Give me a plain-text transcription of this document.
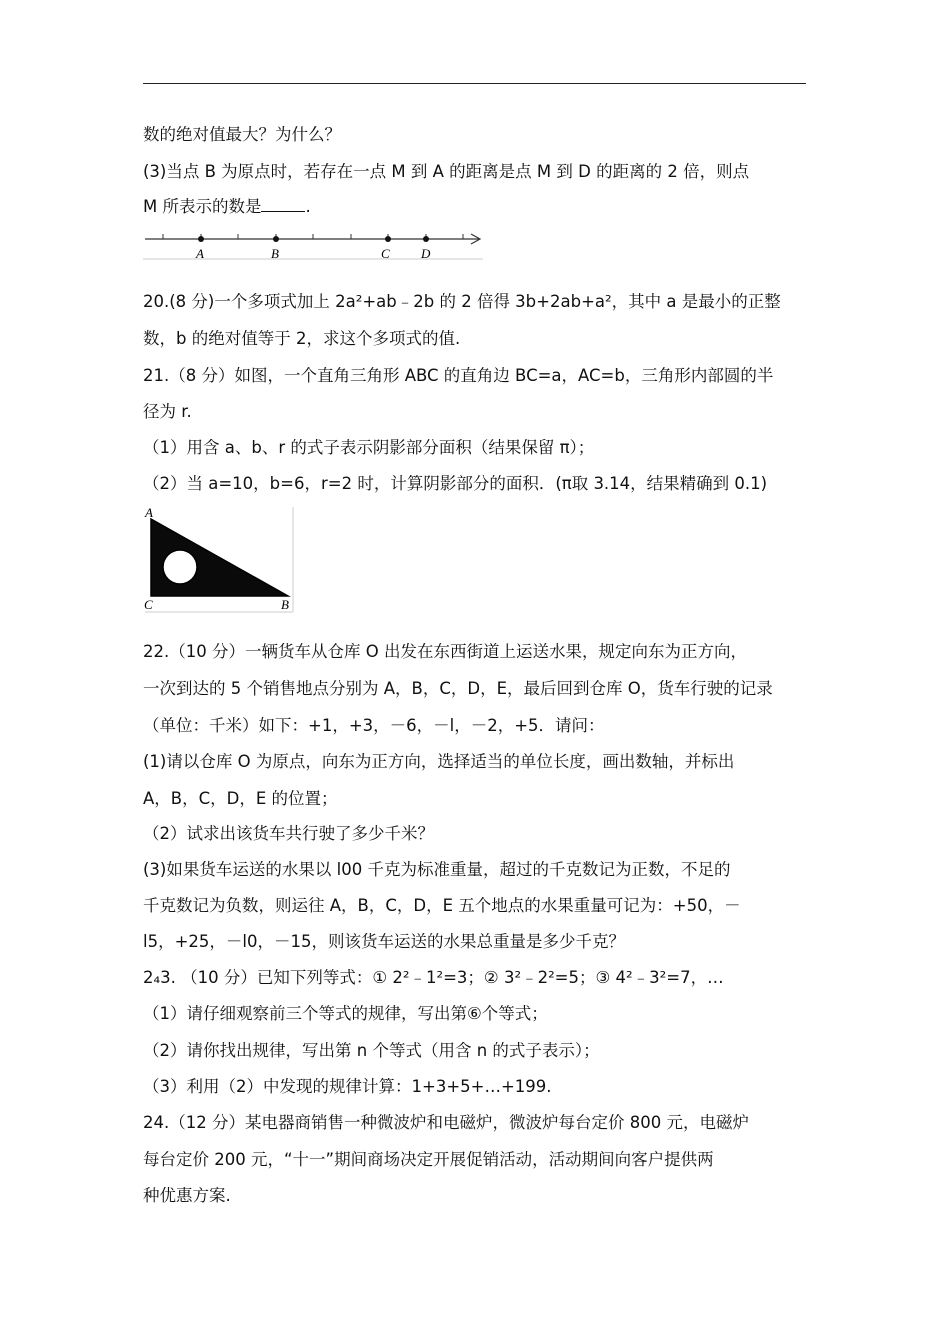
数的绝对值最大？为什么？
(3)当点 B 为原点时，若存在一点 M 到 A 的距离是点 M 到 D 的距离的 2 倍，则点
M 所表示的数是	.
A	B	C D
20.(8 分)一个多项式加上 2a²+ab﹣2b 的 2 倍得 3b+2ab+a²，其中 a 是最小的正整
数，b 的绝对值等于 2，求这个多项式的值.
21.（8 分）如图，一个直角三角形 ABC 的直角边 BC=a，AC=b，三角形内部圆的半
径为 r.
（1）用含 a、b、r 的式子表示阴影部分面积（结果保留 π）；
（2）当 a=10，b=6，r=2 时，计算阴影部分的面积．(π取 3.14，结果精确到 0.1)
A
C	B
22.（10 分）一辆货车从仓库 O 出发在东西街道上运送水果，规定向东为正方向，
一次到达的 5 个销售地点分别为 A，B，C，D，E，最后回到仓库 O，货车行驶的记录
（单位：千米）如下：+1，+3，－6，－l，－2，+5．请问：
(1)请以仓库 O 为原点，向东为正方向，选择适当的单位长度，画出数轴，并标出
A，B，C，D，E 的位置；
（2）试求出该货车共行驶了多少千米？
(3)如果货车运送的水果以 l00 千克为标准重量，超过的千克数记为正数，不足的
千克数记为负数，则运往 A，B，C，D，E 五个地点的水果重量可记为：+50，－
l5，+25，－l0，－15，则该货车运送的水果总重量是多少千克？
2₄3. （10 分）已知下列等式：① 2²﹣1²=3；② 3²﹣2²=5；③ 4²﹣3²=7，…
（1）请仔细观察前三个等式的规律，写出第⑥个等式；
（2）请你找出规律，写出第 n 个等式（用含 n 的式子表示）；
（3）利用（2）中发现的规律计算：1+3+5+…+199.
24.（12 分）某电器商销售一种微波炉和电磁炉，微波炉每台定价 800 元，电磁炉
每台定价 200 元，“十一”期间商场决定开展促销活动，活动期间向客户提供两
种优惠方案.
